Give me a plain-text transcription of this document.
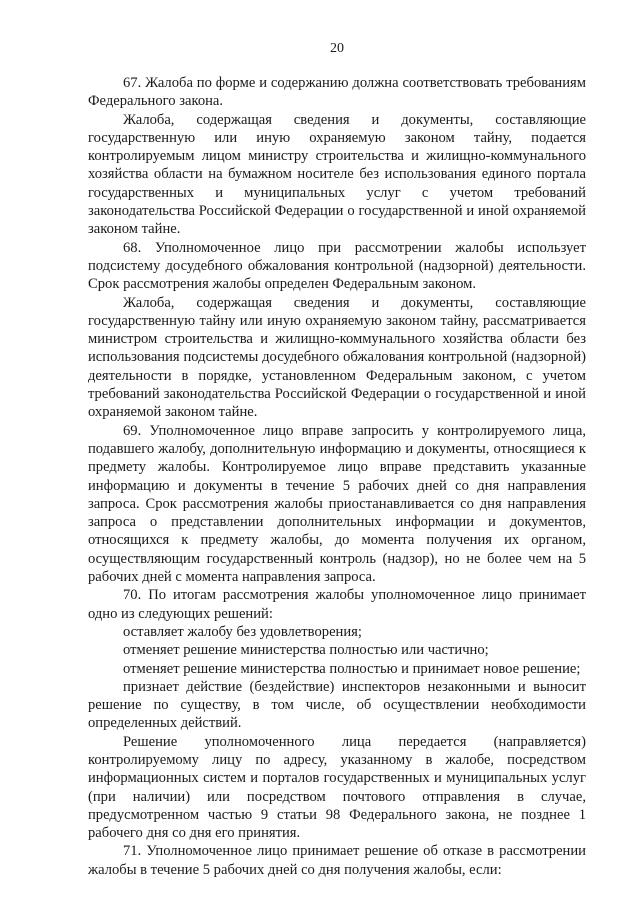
20

67. Жалоба по форме и содержанию должна соответствовать требованиям Федерального закона.

Жалоба, содержащая сведения и документы, составляющие государственную или иную охраняемую законом тайну, подается контролируемым лицом министру строительства и жилищно-коммунального хозяйства области на бумажном носителе без использования единого портала государственных и муниципальных услуг с учетом требований законодательства Российской Федерации о государственной и иной охраняемой законом тайне.

68. Уполномоченное лицо при рассмотрении жалобы использует подсистему досудебного обжалования контрольной (надзорной) деятельности. Срок рассмотрения жалобы определен Федеральным законом.

Жалоба, содержащая сведения и документы, составляющие государственную тайну или иную охраняемую законом тайну, рассматривается министром строительства и жилищно-коммунального хозяйства области без использования подсистемы досудебного обжалования контрольной (надзорной) деятельности в порядке, установленном Федеральным законом, с учетом требований законодательства Российской Федерации о государственной и иной охраняемой законом тайне.

69. Уполномоченное лицо вправе запросить у контролируемого лица, подавшего жалобу, дополнительную информацию и документы, относящиеся к предмету жалобы. Контролируемое лицо вправе представить указанные информацию и документы в течение 5 рабочих дней со дня направления запроса. Срок рассмотрения жалобы приостанавливается со дня направления запроса о представлении дополнительных информации и документов, относящихся к предмету жалобы, до момента получения их органом, осуществляющим государственный контроль (надзор), но не более чем на 5 рабочих дней с момента направления запроса.

70. По итогам рассмотрения жалобы уполномоченное лицо принимает одно из следующих решений:

оставляет жалобу без удовлетворения;

отменяет решение министерства полностью или частично;

отменяет решение министерства полностью и принимает новое решение;

признает действие (бездействие) инспекторов незаконными и выносит решение по существу, в том числе, об осуществлении необходимости определенных действий.

Решение уполномоченного лица передается (направляется) контролируемому лицу по адресу, указанному в жалобе, посредством информационных систем и порталов государственных и муниципальных услуг (при наличии) или посредством почтового отправления в случае, предусмотренном частью 9 статьи 98 Федерального закона, не позднее 1 рабочего дня со дня его принятия.

71. Уполномоченное лицо принимает решение об отказе в рассмотрении жалобы в течение 5 рабочих дней со дня получения жалобы, если:
